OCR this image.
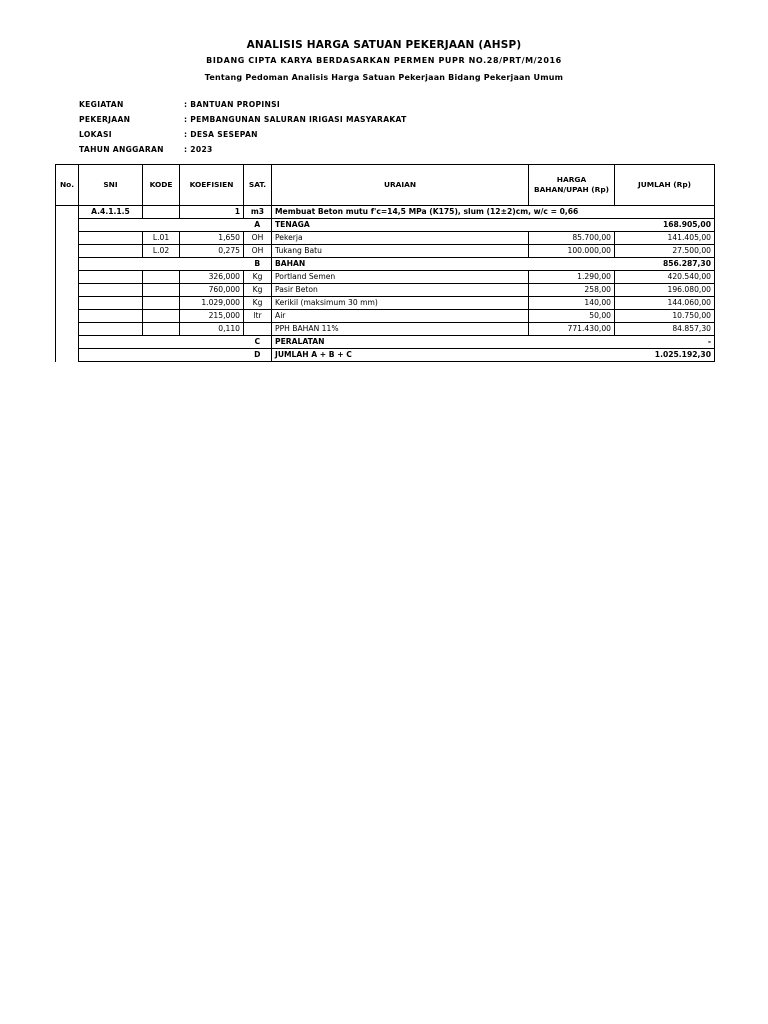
ANALISIS HARGA SATUAN PEKERJAAN (AHSP)
BIDANG CIPTA KARYA BERDASARKAN PERMEN PUPR NO.28/PRT/M/2016
Tentang Pedoman Analisis Harga Satuan Pekerjaan Bidang Pekerjaan Umum
KEGIATAN	: BANTUAN PROPINSI
PEKERJAAN	: PEMBANGUNAN SALURAN IRIGASI MASYARAKAT
LOKASI	: DESA SESEPAN
TAHUN ANGGARAN	: 2023
No.	SNI	KODE	KOEFISIEN	SAT.	URAIAN	HARGA BAHAN/UPAH (Rp)	JUMLAH (Rp)
	A.4.1.1.5		1	m3	Membuat Beton mutu f'c=14,5 MPa (K175), slum (12±2)cm, w/c = 0,66		
				A	TENAGA		168.905,00
		L.01	1,650	OH	Pekerja	85.700,00	141.405,00
		L.02	0,275	OH	Tukang Batu	100.000,00	27.500,00
				B	BAHAN		856.287,30
			326,000	Kg	Portland Semen	1.290,00	420.540,00
			760,000	Kg	Pasir Beton	258,00	196.080,00
			1.029,000	Kg	Kerikil (maksimum 30 mm)	140,00	144.060,00
			215,000	ltr	Air	50,00	10.750,00
			0,110		PPH BAHAN 11%	771.430,00	84.857,30
				C	PERALATAN		-
				D	JUMLAH A + B + C		1.025.192,30
